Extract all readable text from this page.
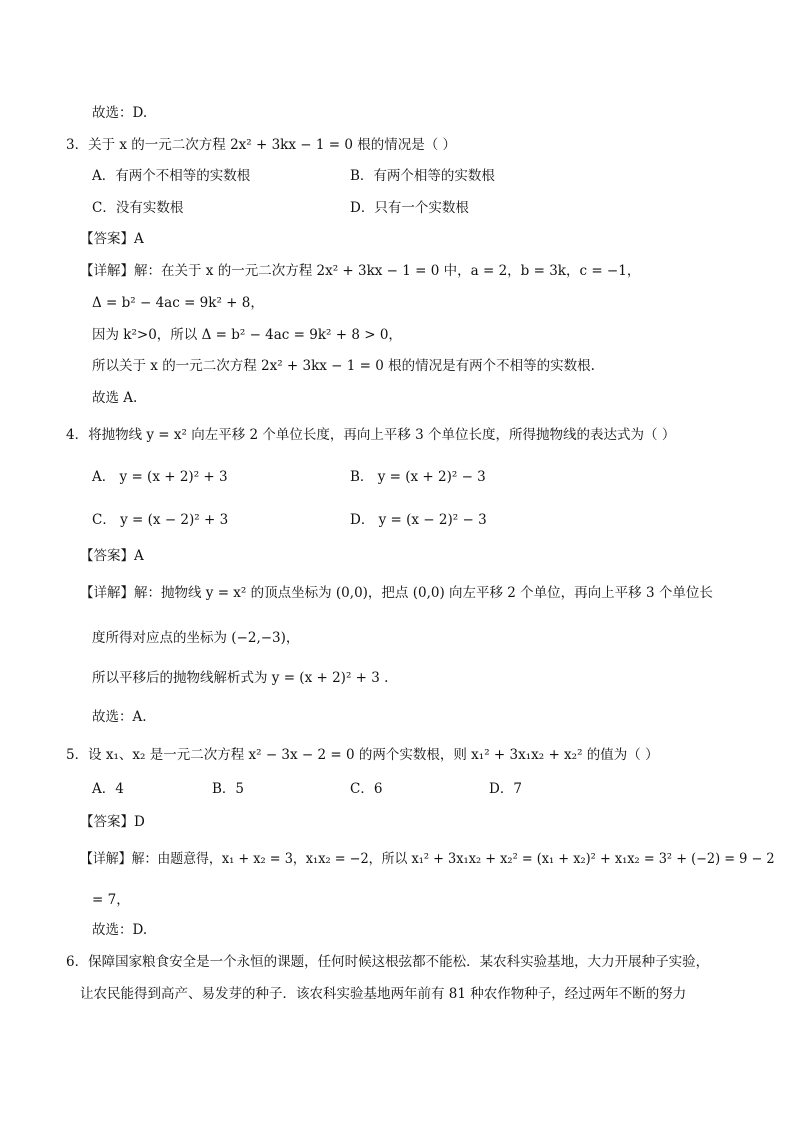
故选：D.
3．关于 x 的一元二次方程 2x² + 3kx − 1 = 0 根的情况是（ ）
A．有两个不相等的实数根	B．有两个相等的实数根
C．没有实数根	D．只有一个实数根
【答案】A
【详解】解：在关于 x 的一元二次方程 2x² + 3kx − 1 = 0 中，a = 2，b = 3k，c = −1，
Δ = b² − 4ac = 9k² + 8，
因为 k²>0，所以 Δ = b² − 4ac = 9k² + 8 > 0，
所以关于 x 的一元二次方程 2x² + 3kx − 1 = 0 根的情况是有两个不相等的实数根.
故选 A.
4．将抛物线 y = x² 向左平移 2 个单位长度，再向上平移 3 个单位长度，所得抛物线的表达式为（ ）
A． y = (x + 2)² + 3	B． y = (x + 2)² − 3
C． y = (x − 2)² + 3	D． y = (x − 2)² − 3
【答案】A
【详解】解：抛物线 y = x² 的顶点坐标为 (0,0)，把点 (0,0) 向左平移 2 个单位，再向上平移 3 个单位长
度所得对应点的坐标为 (−2,−3)，
所以平移后的抛物线解析式为 y = (x + 2)² + 3 .
故选：A.
5．设 x₁、x₂ 是一元二次方程 x² − 3x − 2 = 0 的两个实数根，则 x₁² + 3x₁x₂ + x₂² 的值为（ ）
A．4	B．5	C．6	D．7
【答案】D
【详解】解：由题意得，x₁ + x₂ = 3，x₁x₂ = −2，所以 x₁² + 3x₁x₂ + x₂² = (x₁ + x₂)² + x₁x₂ = 3² + (−2) = 9 − 2
= 7，
故选：D.
6．保障国家粮食安全是一个永恒的课题，任何时候这根弦都不能松．某农科实验基地，大力开展种子实验，
让农民能得到高产、易发芽的种子．该农科实验基地两年前有 81 种农作物种子，经过两年不断的努力
